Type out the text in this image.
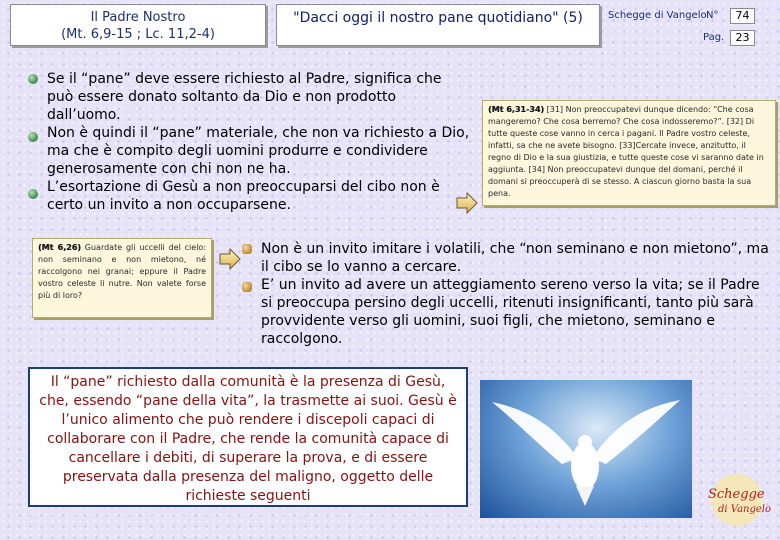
Il Padre Nostro
(Mt. 6,9-15 ; Lc. 11,2-4)
"Dacci oggi il nostro pane quotidiano" (5)	Schegge di Vangelo N°	74
Pag.	23
Se il “pane” deve essere richiesto al Padre, significa che può essere donato soltanto da Dio e non prodotto dall’uomo.
Non è quindi il “pane” materiale, che non va richiesto a Dio, ma che è compito degli uomini produrre e condividere generosamente con chi non ne ha.
L’esortazione di Gesù a non preoccuparsi del cibo non è certo un invito a non occuparsene.
(Mt 6,31-34) [31] Non preoccupatevi dunque dicendo: “Che cosa mangeremo? Che cosa berremo? Che cosa indosseremo?”. [32] Di tutte queste cose vanno in cerca i pagani. Il Padre vostro celeste, infatti, sa che ne avete bisogno. [33]Cercate invece, anzitutto, il regno di Dio e la sua giustizia, e tutte queste cose vi saranno date in aggiunta. [34] Non preoccupatevi dunque del domani, perché il domani si preoccuperà di se stesso. A ciascun giorno basta la sua pena.
(Mt 6,26) Guardate gli uccelli del cielo: non seminano e non mietono, né raccolgono nei granai; eppure il Padre vostro celeste li nutre. Non valete forse più di loro?
Non è un invito imitare i volatili, che “non seminano e non mietono”, ma il cibo se lo vanno a cercare.
E’ un invito ad avere un atteggiamento sereno verso la vita; se il Padre si preoccupa persino degli uccelli, ritenuti insignificanti, tanto più sarà provvidente verso gli uomini, suoi figli, che mietono, seminano e raccolgono.
Il “pane” richiesto dalla comunità è la presenza di Gesù, che, essendo “pane della vita”, la trasmette ai suoi. Gesù è l’unico alimento che può rendere i discepoli capaci di collaborare con il Padre, che rende la comunità capace di cancellare i debiti, di superare la prova, e di essere preservata dalla presenza del maligno, oggetto delle richieste seguenti	Schegge
di Vangelo
